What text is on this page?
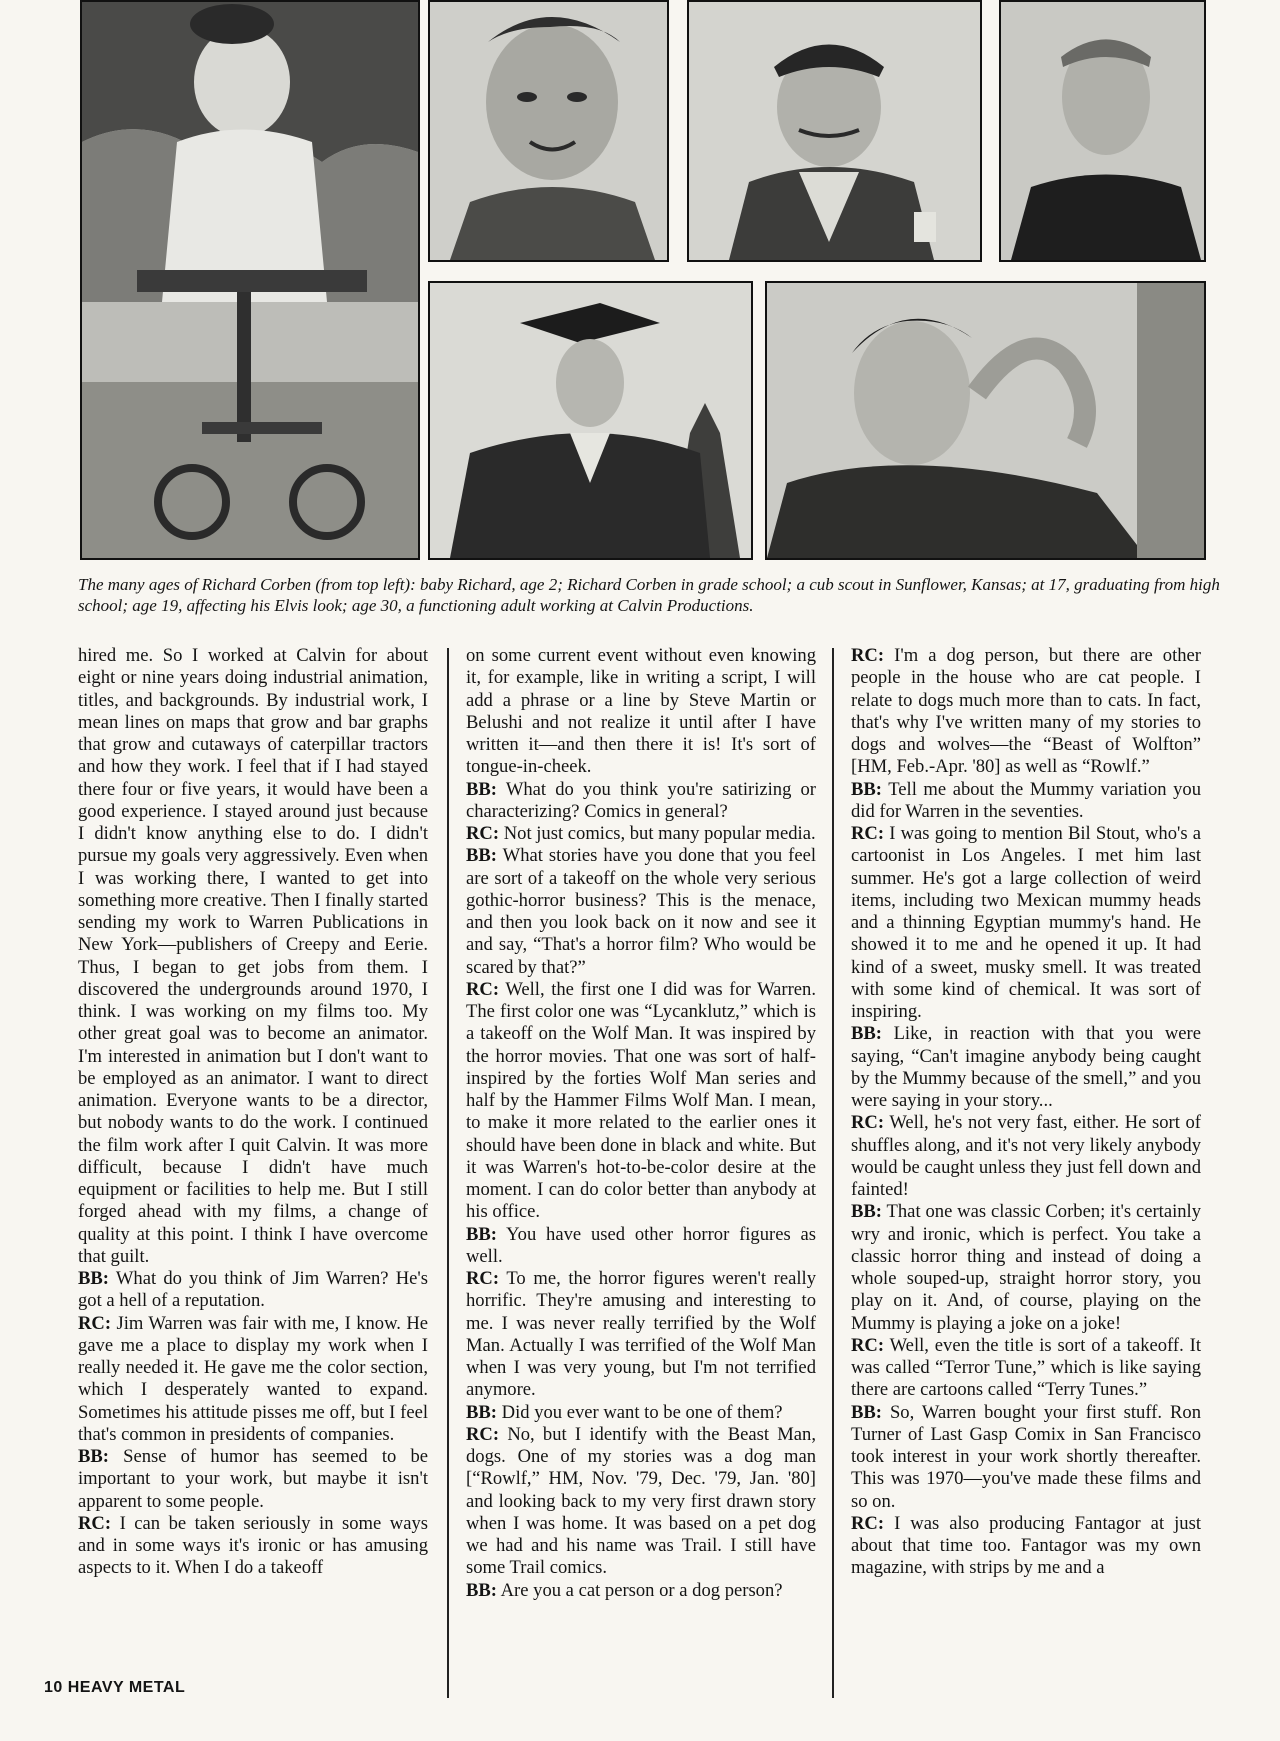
The many ages of Richard Corben (from top left): baby Richard, age 2; Richard Corben in grade school; a cub scout in Sunflower, Kansas; at 17, graduating from high school; age 19, affecting his Elvis look; age 30, a functioning adult working at Calvin Productions.

hired me. So I worked at Calvin for about eight or nine years doing industrial animation, titles, and backgrounds. By industrial work, I mean lines on maps that grow and bar graphs that grow and cutaways of caterpillar tractors and how they work. I feel that if I had stayed there four or five years, it would have been a good experience. I stayed around just because I didn't know anything else to do. I didn't pursue my goals very aggressively. Even when I was working there, I wanted to get into something more creative. Then I finally started sending my work to Warren Publications in New York—publishers of Creepy and Eerie. Thus, I began to get jobs from them. I discovered the undergrounds around 1970, I think. I was working on my films too. My other great goal was to become an animator. I'm interested in animation but I don't want to be employed as an animator. I want to direct animation. Everyone wants to be a director, but nobody wants to do the work. I continued the film work after I quit Calvin. It was more difficult, because I didn't have much equipment or facilities to help me. But I still forged ahead with my films, a change of quality at this point. I think I have overcome that guilt.

BB: What do you think of Jim Warren? He's got a hell of a reputation.

RC: Jim Warren was fair with me, I know. He gave me a place to display my work when I really needed it. He gave me the color section, which I desperately wanted to expand. Sometimes his attitude pisses me off, but I feel that's common in presidents of companies.

BB: Sense of humor has seemed to be important to your work, but maybe it isn't apparent to some people.

RC: I can be taken seriously in some ways and in some ways it's ironic or has amusing aspects to it. When I do a takeoff

on some current event without even knowing it, for example, like in writing a script, I will add a phrase or a line by Steve Martin or Belushi and not realize it until after I have written it—and then there it is! It's sort of tongue-in-cheek.

BB: What do you think you're satirizing or characterizing? Comics in general?

RC: Not just comics, but many popular media.

BB: What stories have you done that you feel are sort of a takeoff on the whole very serious gothic-horror business? This is the menace, and then you look back on it now and see it and say, “That's a horror film? Who would be scared by that?”

RC: Well, the first one I did was for Warren. The first color one was “Lycanklutz,” which is a takeoff on the Wolf Man. It was inspired by the horror movies. That one was sort of half-inspired by the forties Wolf Man series and half by the Hammer Films Wolf Man. I mean, to make it more related to the earlier ones it should have been done in black and white. But it was Warren's hot-to-be-color desire at the moment. I can do color better than anybody at his office.

BB: You have used other horror figures as well.

RC: To me, the horror figures weren't really horrific. They're amusing and interesting to me. I was never really terrified by the Wolf Man. Actually I was terrified of the Wolf Man when I was very young, but I'm not terrified anymore.

BB: Did you ever want to be one of them?

RC: No, but I identify with the Beast Man, dogs. One of my stories was a dog man [“Rowlf,” HM, Nov. '79, Dec. '79, Jan. '80] and looking back to my very first drawn story when I was home. It was based on a pet dog we had and his name was Trail. I still have some Trail comics.

BB: Are you a cat person or a dog person?

RC: I'm a dog person, but there are other people in the house who are cat people. I relate to dogs much more than to cats. In fact, that's why I've written many of my stories to dogs and wolves—the “Beast of Wolfton” [HM, Feb.-Apr. '80] as well as “Rowlf.”

BB: Tell me about the Mummy variation you did for Warren in the seventies.

RC: I was going to mention Bil Stout, who's a cartoonist in Los Angeles. I met him last summer. He's got a large collection of weird items, including two Mexican mummy heads and a thinning Egyptian mummy's hand. He showed it to me and he opened it up. It had kind of a sweet, musky smell. It was treated with some kind of chemical. It was sort of inspiring.

BB: Like, in reaction with that you were saying, “Can't imagine anybody being caught by the Mummy because of the smell,” and you were saying in your story...

RC: Well, he's not very fast, either. He sort of shuffles along, and it's not very likely anybody would be caught unless they just fell down and fainted!

BB: That one was classic Corben; it's certainly wry and ironic, which is perfect. You take a classic horror thing and instead of doing a whole souped-up, straight horror story, you play on it. And, of course, playing on the Mummy is playing a joke on a joke!

RC: Well, even the title is sort of a takeoff. It was called “Terror Tune,” which is like saying there are cartoons called “Terry Tunes.”

BB: So, Warren bought your first stuff. Ron Turner of Last Gasp Comix in San Francisco took interest in your work shortly thereafter. This was 1970—you've made these films and so on.

RC: I was also producing Fantagor at just about that time too. Fantagor was my own magazine, with strips by me and a

10 HEAVY METAL
